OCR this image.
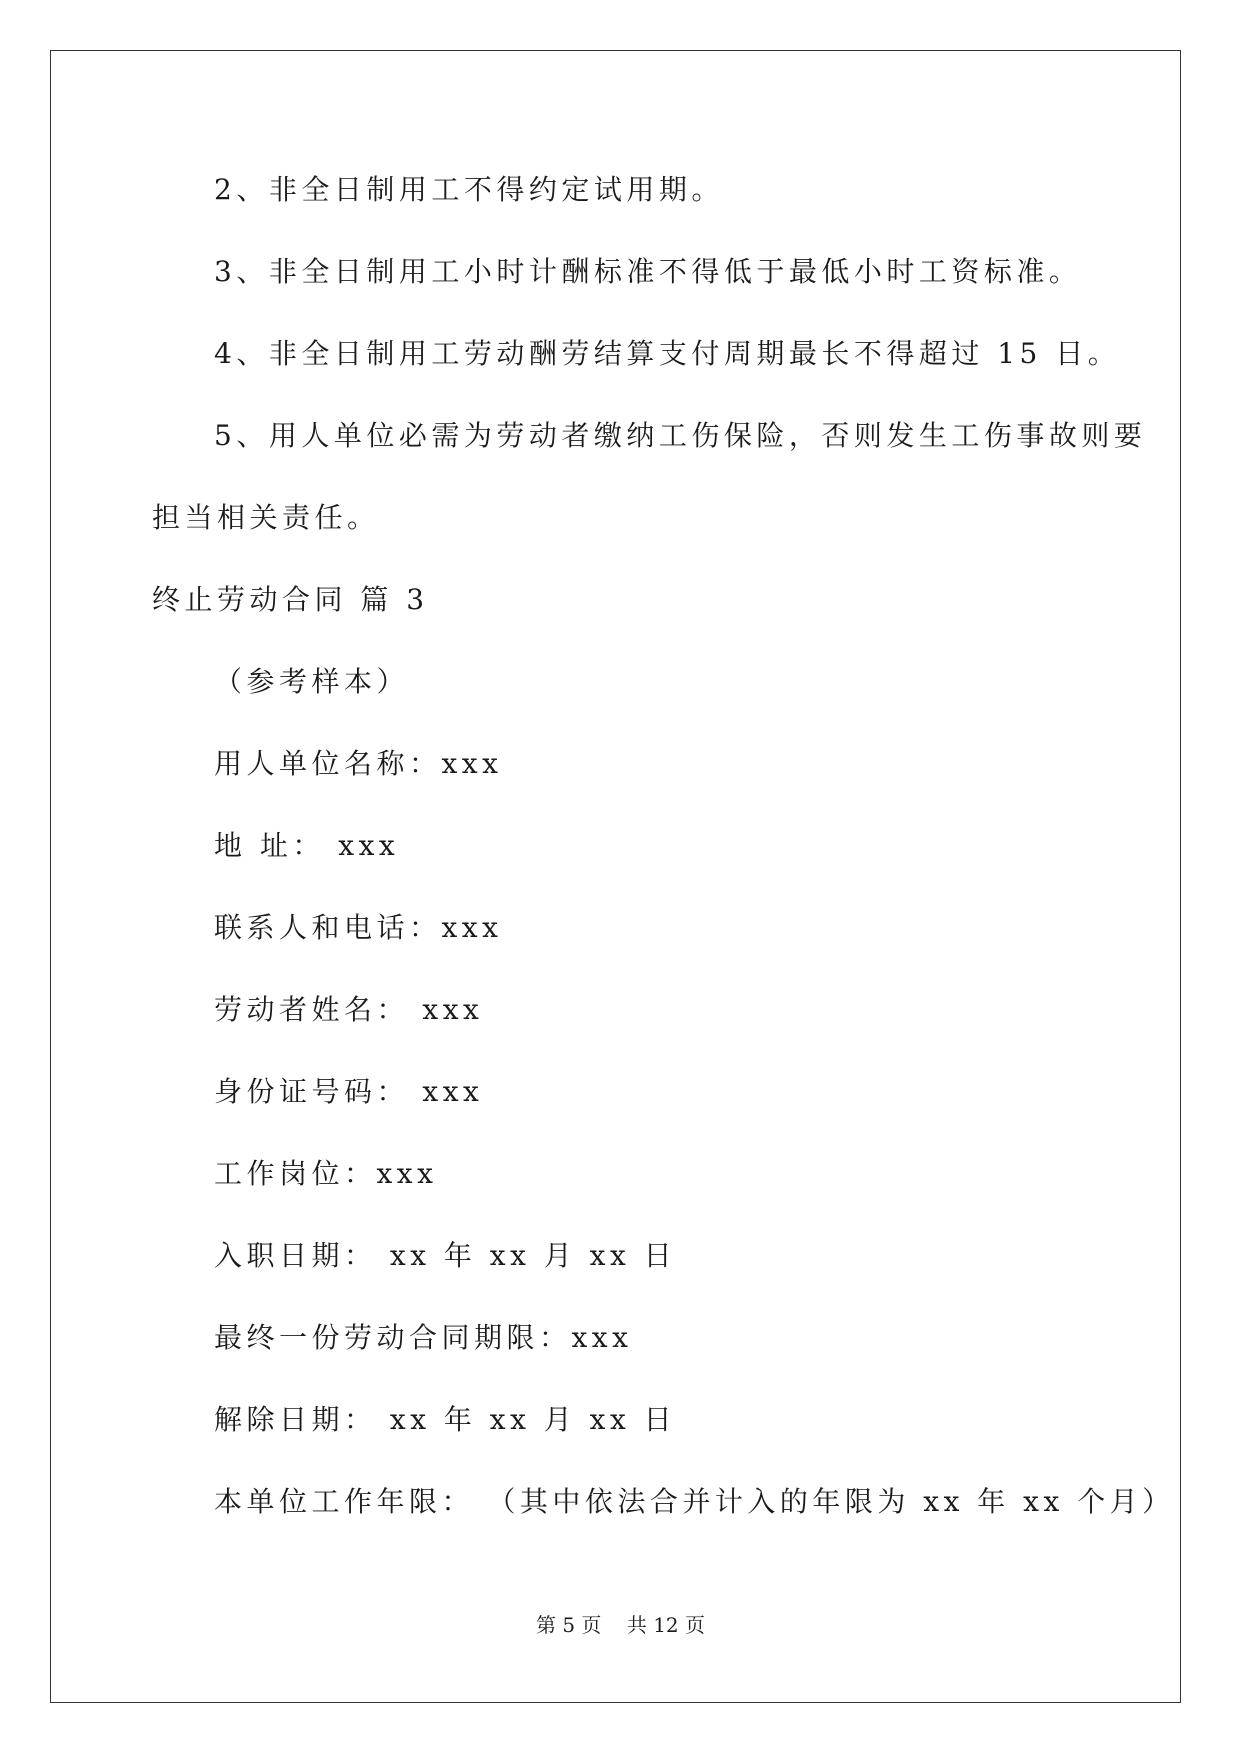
2、非全日制用工不得约定试用期。
3、非全日制用工小时计酬标准不得低于最低小时工资标准。
4、非全日制用工劳动酬劳结算支付周期最长不得超过 15 日。
5、用人单位必需为劳动者缴纳工伤保险，否则发生工伤事故则要
担当相关责任。
终止劳动合同 篇 3
（参考样本）
用人单位名称：xxx
地 址： xxx
联系人和电话：xxx
劳动者姓名： xxx
身份证号码： xxx
工作岗位：xxx
入职日期： xx 年 xx 月 xx 日
最终一份劳动合同期限：xxx
解除日期： xx 年 xx 月 xx 日
本单位工作年限： （其中依法合并计入的年限为 xx 年 xx 个月）
第 5 页    共 12 页
